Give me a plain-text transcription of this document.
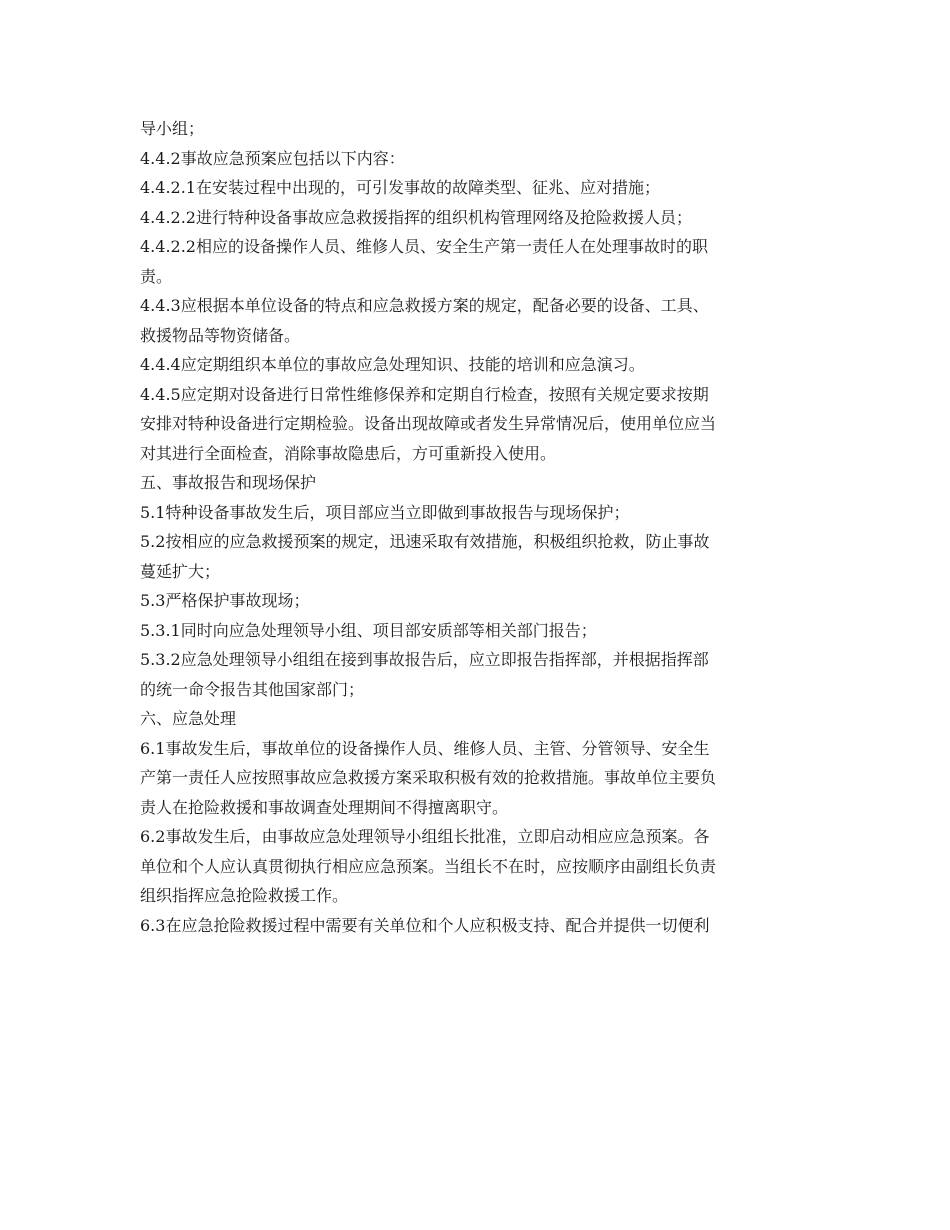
导小组；
4.4.2事故应急预案应包括以下内容：
4.4.2.1在安装过程中出现的，可引发事故的故障类型、征兆、应对措施；
4.4.2.2进行特种设备事故应急救援指挥的组织机构管理网络及抢险救援人员；
4.4.2.2相应的设备操作人员、维修人员、安全生产第一责任人在处理事故时的职
责。
4.4.3应根据本单位设备的特点和应急救援方案的规定，配备必要的设备、工具、
救援物品等物资储备。
4.4.4应定期组织本单位的事故应急处理知识、技能的培训和应急演习。
4.4.5应定期对设备进行日常性维修保养和定期自行检查，按照有关规定要求按期
安排对特种设备进行定期检验。设备出现故障或者发生异常情况后，使用单位应当
对其进行全面检查，消除事故隐患后，方可重新投入使用。
五、事故报告和现场保护
5.1特种设备事故发生后，项目部应当立即做到事故报告与现场保护；
5.2按相应的应急救援预案的规定，迅速采取有效措施，积极组织抢救，防止事故
蔓延扩大；
5.3严格保护事故现场；
5.3.1同时向应急处理领导小组、项目部安质部等相关部门报告；
5.3.2应急处理领导小组组在接到事故报告后，应立即报告指挥部，并根据指挥部
的统一命令报告其他国家部门；
六、应急处理
6.1事故发生后，事故单位的设备操作人员、维修人员、主管、分管领导、安全生
产第一责任人应按照事故应急救援方案采取积极有效的抢救措施。事故单位主要负
责人在抢险救援和事故调查处理期间不得擅离职守。
6.2事故发生后，由事故应急处理领导小组组长批准，立即启动相应应急预案。各
单位和个人应认真贯彻执行相应应急预案。当组长不在时，应按顺序由副组长负责
组织指挥应急抢险救援工作。
6.3在应急抢险救援过程中需要有关单位和个人应积极支持、配合并提供一切便利
